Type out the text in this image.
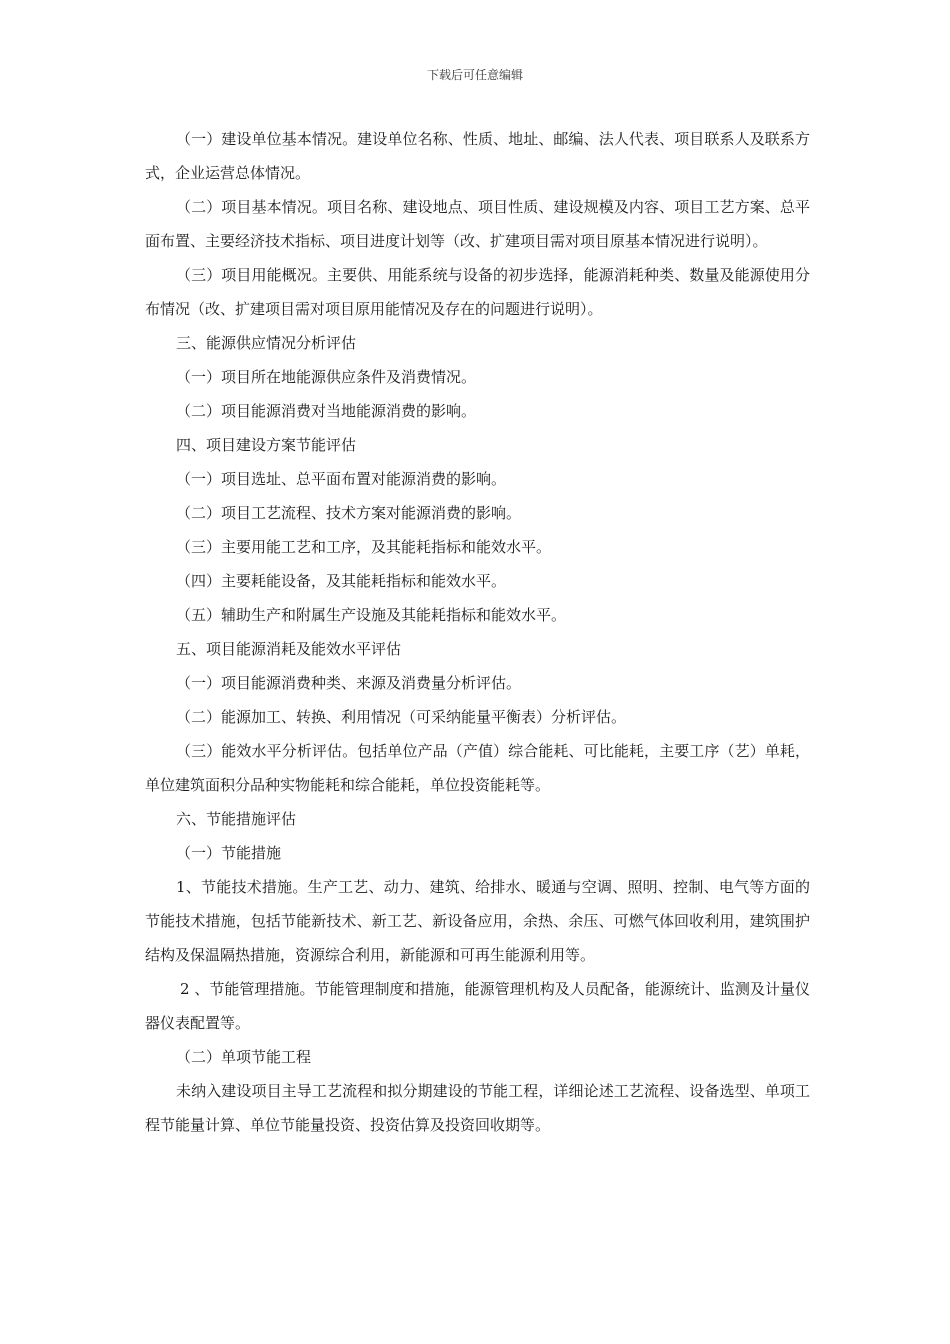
下载后可任意编辑

（一）建设单位基本情况。建设单位名称、性质、地址、邮编、法人代表、项目联系人及联系方式，企业运营总体情况。

（二）项目基本情况。项目名称、建设地点、项目性质、建设规模及内容、项目工艺方案、总平面布置、主要经济技术指标、项目进度计划等（改、扩建项目需对项目原基本情况进行说明）。

（三）项目用能概况。主要供、用能系统与设备的初步选择，能源消耗种类、数量及能源使用分布情况（改、扩建项目需对项目原用能情况及存在的问题进行说明）。

三、能源供应情况分析评估

（一）项目所在地能源供应条件及消费情况。

（二）项目能源消费对当地能源消费的影响。

四、项目建设方案节能评估

（一）项目选址、总平面布置对能源消费的影响。

（二）项目工艺流程、技术方案对能源消费的影响。

（三）主要用能工艺和工序，及其能耗指标和能效水平。

（四）主要耗能设备，及其能耗指标和能效水平。

（五）辅助生产和附属生产设施及其能耗指标和能效水平。

五、项目能源消耗及能效水平评估

（一）项目能源消费种类、来源及消费量分析评估。

（二）能源加工、转换、利用情况（可采纳能量平衡表）分析评估。

（三）能效水平分析评估。包括单位产品（产值）综合能耗、可比能耗，主要工序（艺）单耗，单位建筑面积分品种实物能耗和综合能耗，单位投资能耗等。

六、节能措施评估

（一）节能措施

1、节能技术措施。生产工艺、动力、建筑、给排水、暖通与空调、照明、控制、电气等方面的节能技术措施，包括节能新技术、新工艺、新设备应用，余热、余压、可燃气体回收利用，建筑围护结构及保温隔热措施，资源综合利用，新能源和可再生能源利用等。

2 、节能管理措施。节能管理制度和措施，能源管理机构及人员配备，能源统计、监测及计量仪器仪表配置等。

（二）单项节能工程

未纳入建设项目主导工艺流程和拟分期建设的节能工程，详细论述工艺流程、设备选型、单项工程节能量计算、单位节能量投资、投资估算及投资回收期等。
